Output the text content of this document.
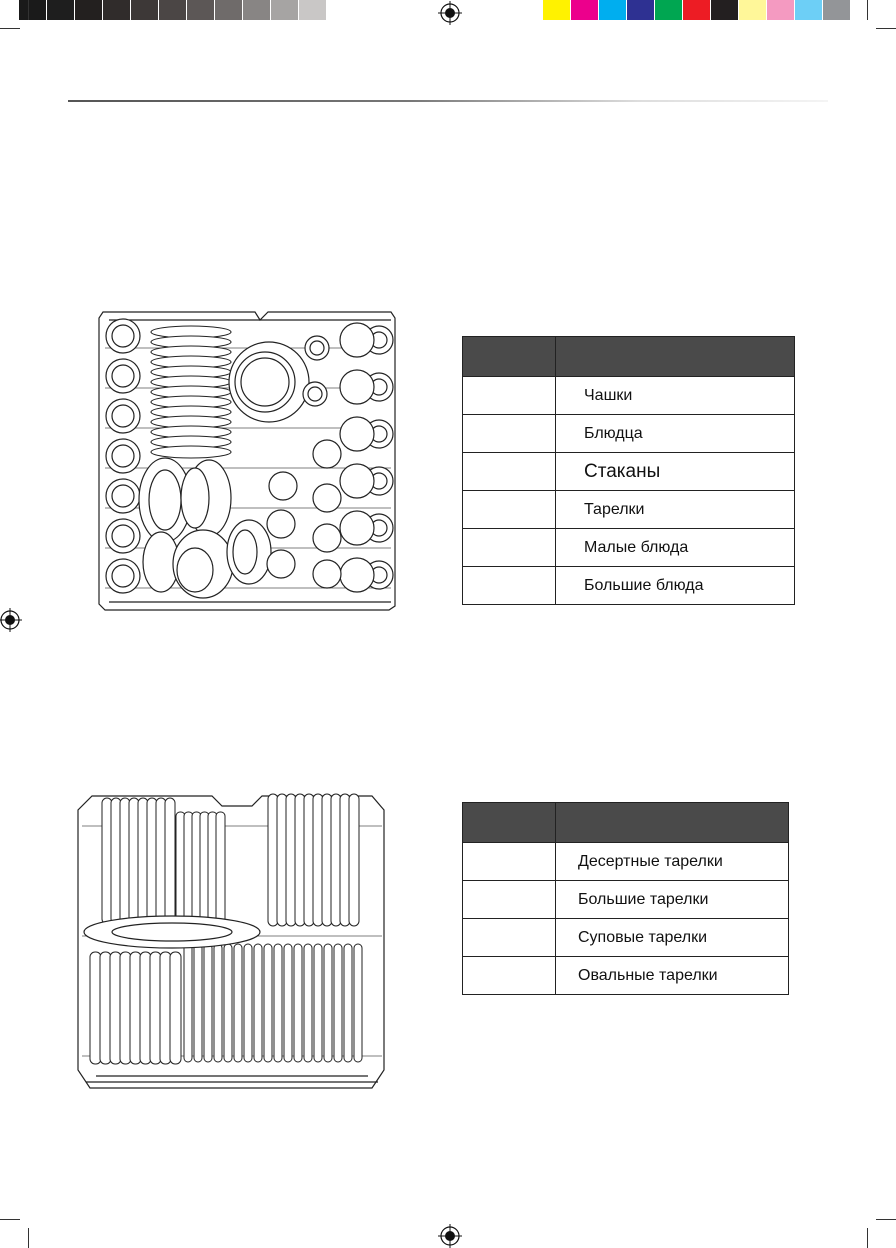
	Чашки
	Блюдца
	Стаканы
	Тарелки
	Малые блюда
	Большие блюда

	Десертные тарелки
	Большие тарелки
	Суповые тарелки
	Овальные тарелки
